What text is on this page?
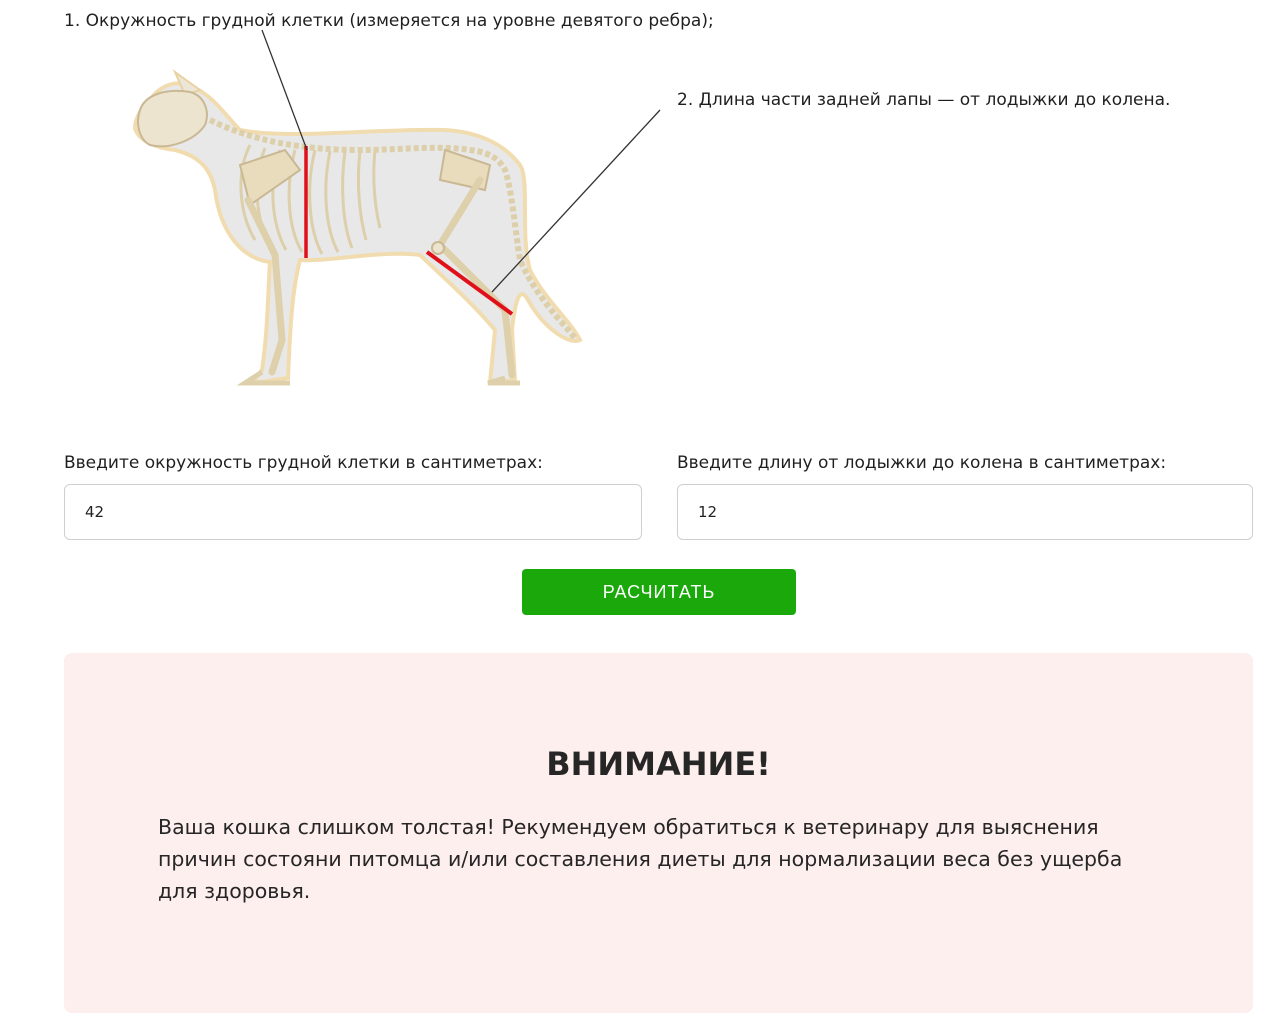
1. Окружность грудной клетки (измеряется на уровне девятого ребра);
2. Длина части задней лапы — от лодыжки до колена.
Введите окружность грудной клетки в сантиметрах:	Введите длину от лодыжки до колена в сантиметрах:
42
12
РАСЧИТАТЬ
ВНИМАНИЕ!
Ваша кошка слишком толстая! Рекумендуем обратиться к ветеринару для выяснения причин состояни питомца и/или составления диеты для нормализации веса без ущерба для здоровья.
